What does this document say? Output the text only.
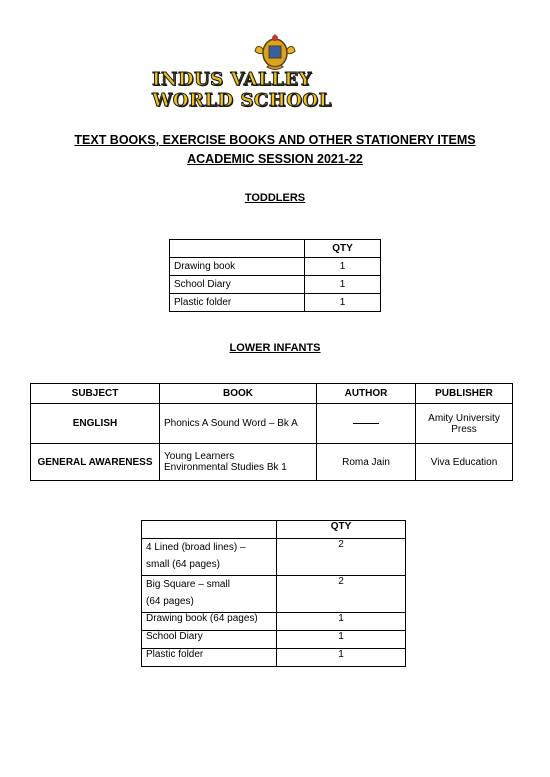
INDUS VALLEY WORLD SCHOOL
TEXT BOOKS, EXERCISE BOOKS AND OTHER STATIONERY ITEMS
ACADEMIC SESSION 2021-22
TODDLERS
	QTY
Drawing book	1
School Diary	1
Plastic folder	1
LOWER INFANTS
SUBJECT	BOOK	AUTHOR	PUBLISHER
ENGLISH	Phonics A Sound Word – Bk A		Amity University Press
GENERAL AWARENESS	Young Learners
Environmental Studies Bk 1	Roma Jain	Viva Education
	QTY

4 Lined (broad lines) –
small (64 pages)	2

Big Square – small
(64 pages)	2
Drawing book (64 pages)	1
School Diary	1
Plastic folder	1
